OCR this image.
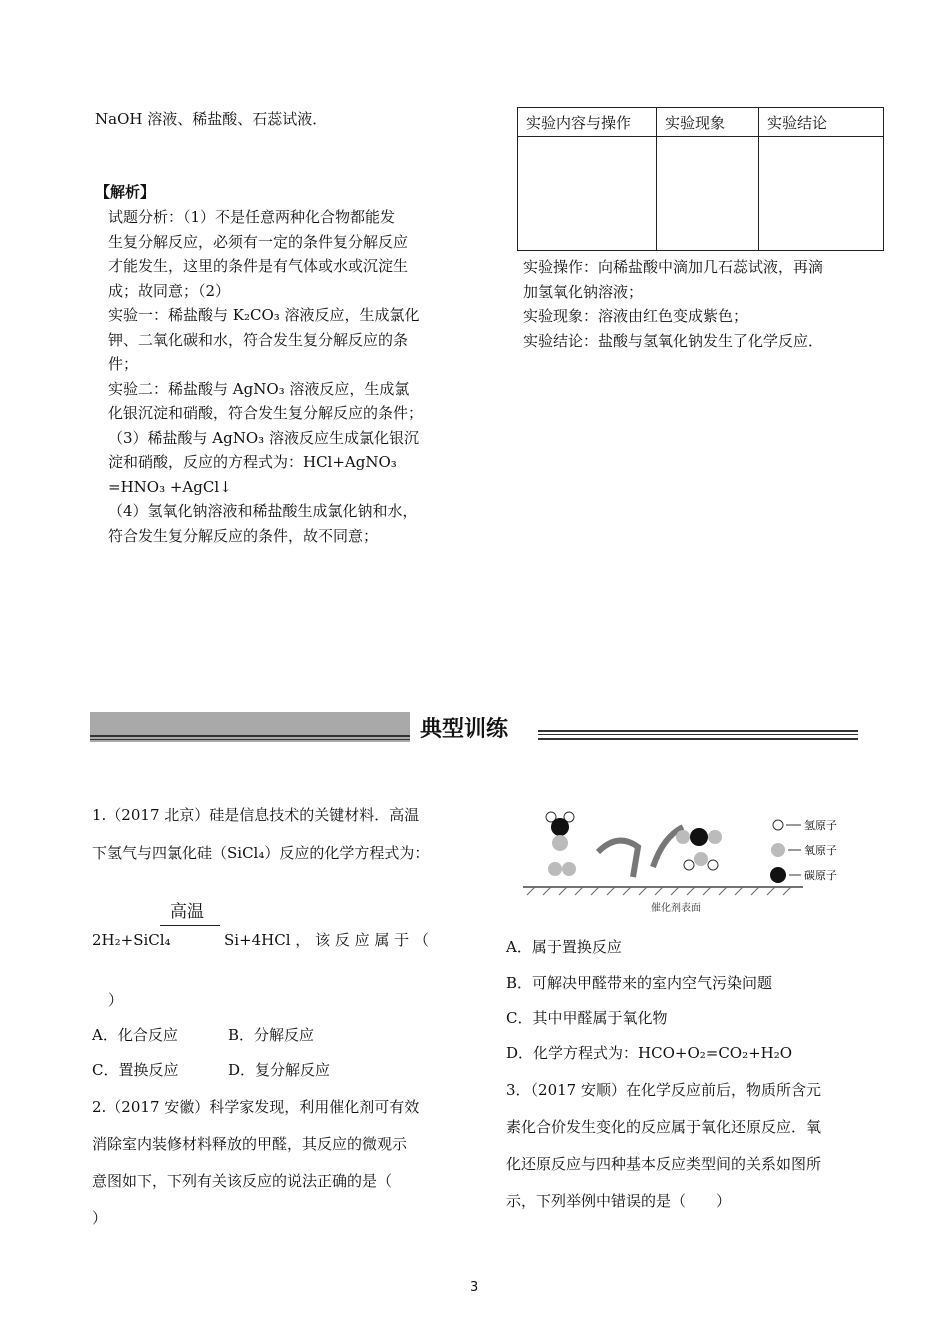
NaOH 溶液、稀盐酸、石蕊试液．
【解析】
试题分析：（1）不是任意两种化合物都能发
生复分解反应，必须有一定的条件复分解反应
才能发生，这里的条件是有气体或水或沉淀生
成；故同意；（2）
实验一：稀盐酸与 K₂CO₃ 溶液反应，生成氯化
钾、二氧化碳和水，符合发生复分解反应的条
件；
实验二：稀盐酸与 AgNO₃ 溶液反应，生成氯
化银沉淀和硝酸，符合发生复分解反应的条件；
（3）稀盐酸与 AgNO₃ 溶液反应生成氯化银沉
淀和硝酸，反应的方程式为：HCl+AgNO₃
=HNO₃ +AgCl↓
（4）氢氧化钠溶液和稀盐酸生成氯化钠和水，
符合发生复分解反应的条件，故不同意；
实验内容与操作	实验现象	实验结论

实验操作：向稀盐酸中滴加几石蕊试液，再滴
加氢氧化钠溶液；
实验现象：溶液由红色变成紫色；
实验结论：盐酸与氢氧化钠发生了化学反应．
典型训练
1.（2017 北京）硅是信息技术的关键材料．高温
下氢气与四氯化硅（SiCl₄）反应的化学方程式为：
高温
2H₂+SiCl₄	Si+4HCl ， 该 反 应 属 于 （
）
A．化合反应	B．分解反应
C．置换反应	D．复分解反应
2.（2017 安徽）科学家发现，利用催化剂可有效
消除室内装修材料释放的甲醛，其反应的微观示
意图如下，下列有关该反应的说法正确的是（
）
催化剂表面
氢原子
氧原子
碳原子
A．属于置换反应
B．可解决甲醛带来的室内空气污染问题
C．其中甲醛属于氧化物
D．化学方程式为：HCO+O₂=CO₂+H₂O
3．（2017 安顺）在化学反应前后，物质所含元
素化合价发生变化的反应属于氧化还原反应．氧
化还原反应与四种基本反应类型间的关系如图所
示，下列举例中错误的是（　　）
3
